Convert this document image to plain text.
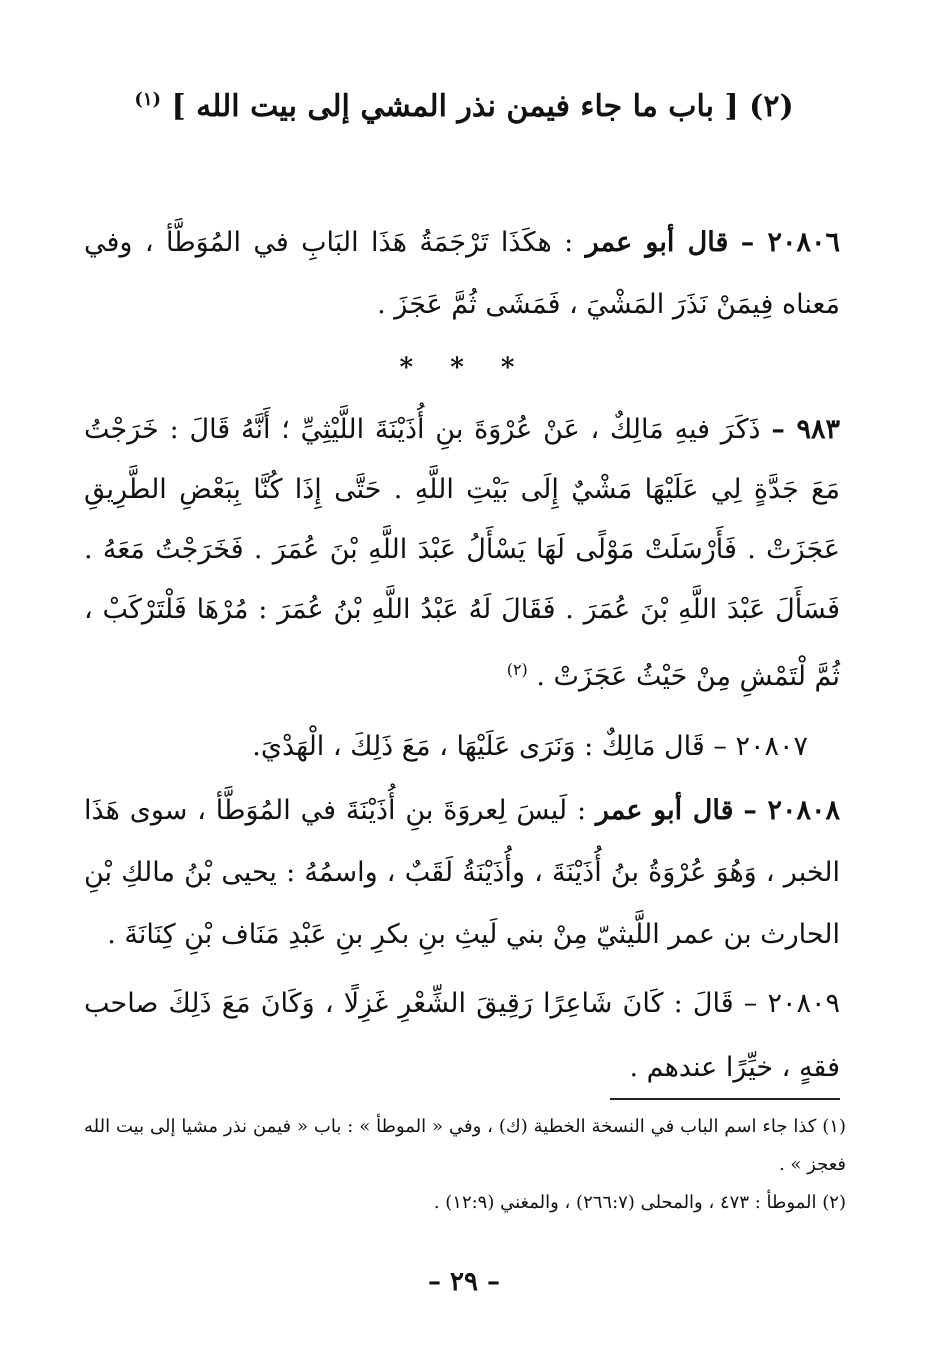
(٢) [ باب ما جاء فيمن نذر المشي إلى بيت الله ] $^{(١)}$
٢٠٨٠٦ – قال أبو عمر : هكَذَا تَرْجَمَةُ هَذَا البَابِ في المُوَطَّأ ، وفي مَعناه فِيمَنْ نَذَرَ المَشْيَ ، فَمَشَى ثُمَّ عَجَزَ .
* * *
٩٨٣ – ذَكَرَ فيهِ مَالِكٌ ، عَنْ عُرْوَةَ بنِ أُذَيْنَةَ اللَّيْثِيِّ ؛ أَنَّهُ قَالَ : خَرَجْتُ مَعَ جَدَّةٍ لِي عَلَيْهَا مَشْيٌ إِلَى بَيْتِ اللَّهِ . حَتَّى إِذَا كُنَّا بِبَعْضِ الطَّرِيقِ عَجَزَتْ . فَأَرْسَلَتْ مَوْلًى لَهَا يَسْأَلُ عَبْدَ اللَّهِ بْنَ عُمَرَ . فَخَرَجْتُ مَعَهُ . فَسَأَلَ عَبْدَ اللَّهِ بْنَ عُمَرَ . فَقَالَ لَهُ عَبْدُ اللَّهِ بْنُ عُمَرَ : مُرْهَا فَلْتَرْكَبْ ، ثُمَّ لْتَمْشِ مِنْ حَيْثُ عَجَزَتْ . $^{(٢)}$
٢٠٨٠٧ – قَال مَالِكٌ : وَنَرَى عَلَيْهَا ، مَعَ ذَلِكَ ، الْهَدْيَ.
٢٠٨٠٨ – قال أبو عمر : لَيسَ لِعروَةَ بنِ أُذَيْنَةَ في المُوَطَّأ ، سوى هَذَا الخبر ، وَهُوَ عُرْوَةُ بنُ أُذَيْنَةَ ، وأُذَيْنَةُ لَقَبٌ ، واسمُهُ : يحيى بْنُ مالكِ بْنِ الحارث بن عمر اللَّيثيّ مِنْ بني لَيثِ بنِ بكرِ بنِ عَبْدِ مَنَاف بْنِ كِنَانَةَ .
٢٠٨٠٩ – قَالَ : كَانَ شَاعِرًا رَقِيقَ الشِّعْرِ غَزِلًا ، وَكَانَ مَعَ ذَلِكَ صاحب فقهٍ ، خيِّرًا عندهم .
(١) كذا جاء اسم الباب في النسخة الخطية (ك) ، وفي « الموطأ » : باب « فيمن نذر مشيا إلى بيت الله فعجز » .
(٢) الموطأ : ٤٧٣ ، والمحلى (٢٦٦:٧) ، والمغني (١٢:٩) .
– ٢٩ –
